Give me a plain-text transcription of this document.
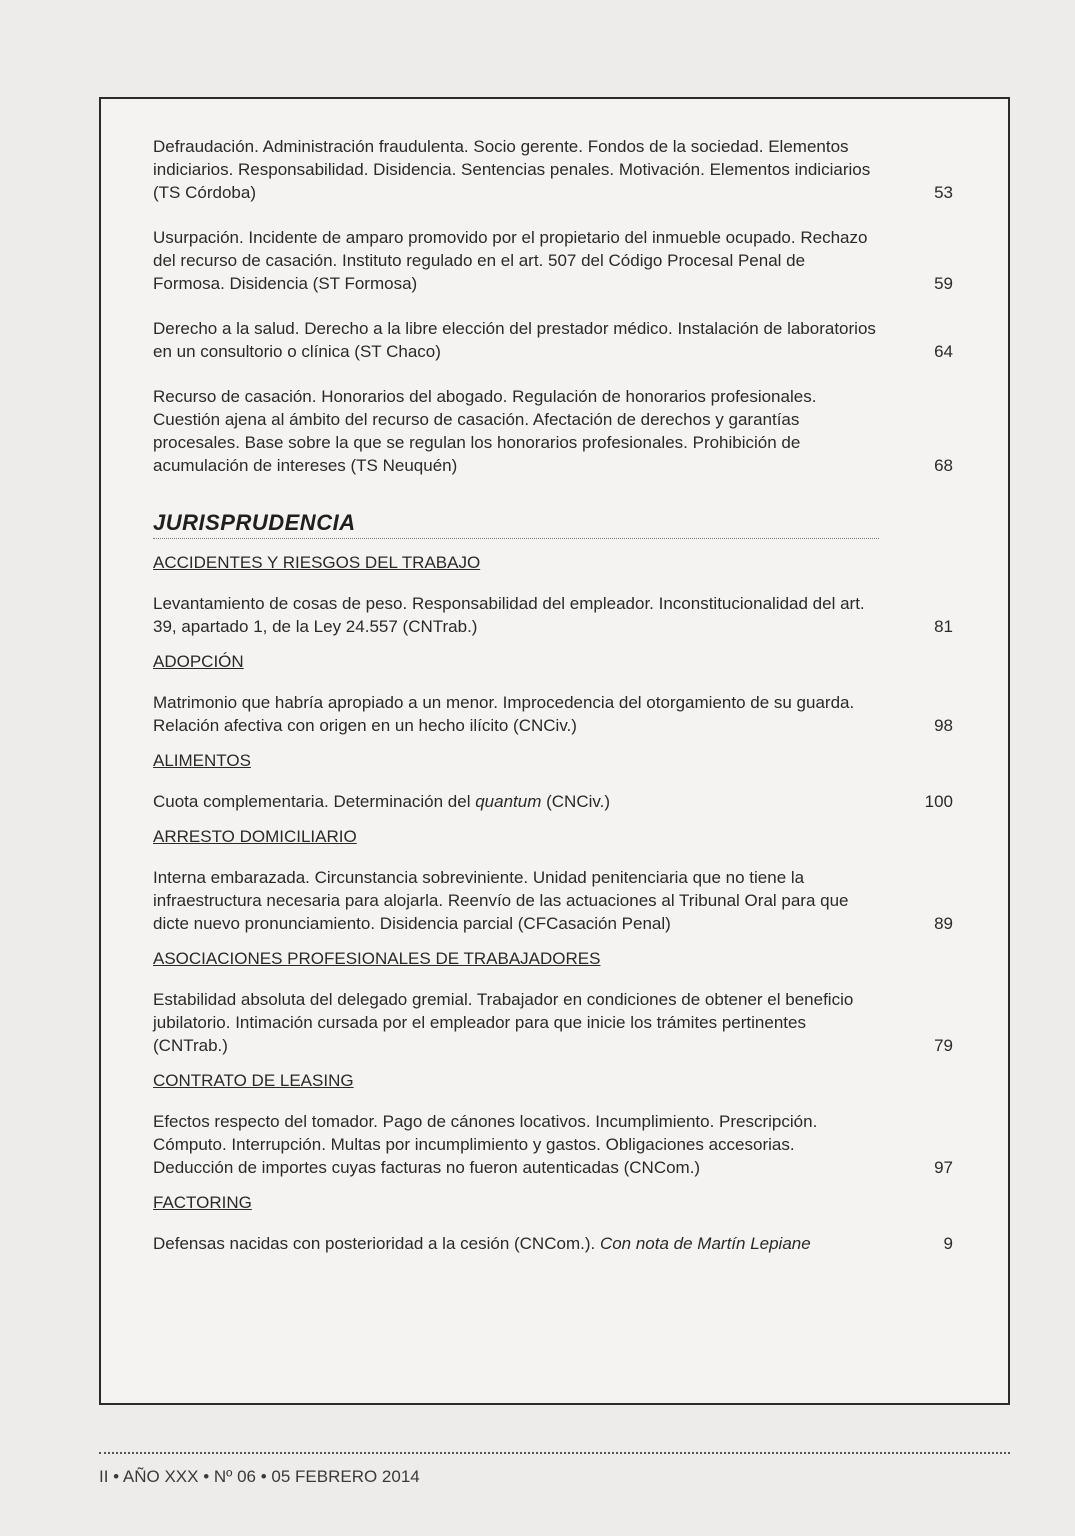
Defraudación. Administración fraudulenta. Socio gerente. Fondos de la sociedad. Elementos indiciarios. Responsabilidad. Disidencia. Sentencias penales. Motivación. Elementos indiciarios (TS Córdoba)	53
Usurpación. Incidente de amparo promovido por el propietario del inmueble ocupado. Rechazo del recurso de casación. Instituto regulado en el art. 507 del Código Procesal Penal de Formosa. Disidencia (ST Formosa)	59
Derecho a la salud. Derecho a la libre elección del prestador médico. Instalación de laboratorios en un consultorio o clínica (ST Chaco)	64
Recurso de casación. Honorarios del abogado. Regulación de honorarios profesionales. Cuestión ajena al ámbito del recurso de casación. Afectación de derechos y garantías procesales. Base sobre la que se regulan los honorarios profesionales. Prohibición de acumulación de intereses (TS Neuquén)	68
JURISPRUDENCIA
ACCIDENTES Y RIESGOS DEL TRABAJO
Levantamiento de cosas de peso. Responsabilidad del empleador. Inconstitucionalidad del art. 39, apartado 1, de la Ley 24.557 (CNTrab.)	81
ADOPCIÓN
Matrimonio que habría apropiado a un menor. Improcedencia del otorgamiento de su guarda. Relación afectiva con origen en un hecho ilícito (CNCiv.)	98
ALIMENTOS
Cuota complementaria. Determinación del quantum (CNCiv.)	100
ARRESTO DOMICILIARIO
Interna embarazada. Circunstancia sobreviniente. Unidad penitenciaria que no tiene la infraestructura necesaria para alojarla. Reenvío de las actuaciones al Tribunal Oral para que dicte nuevo pronunciamiento. Disidencia parcial (CFCasación Penal)	89
ASOCIACIONES PROFESIONALES DE TRABAJADORES
Estabilidad absoluta del delegado gremial. Trabajador en condiciones de obtener el beneficio jubilatorio. Intimación cursada por el empleador para que inicie los trámites pertinentes (CNTrab.)	79
CONTRATO DE LEASING
Efectos respecto del tomador. Pago de cánones locativos. Incumplimiento. Prescripción. Cómputo. Interrupción. Multas por incumplimiento y gastos. Obligaciones accesorias. Deducción de importes cuyas facturas no fueron autenticadas (CNCom.)	97
FACTORING
Defensas nacidas con posterioridad a la cesión (CNCom.). Con nota de Martín Lepiane	9
II • AÑO XXX • Nº 06 • 05 FEBRERO 2014
